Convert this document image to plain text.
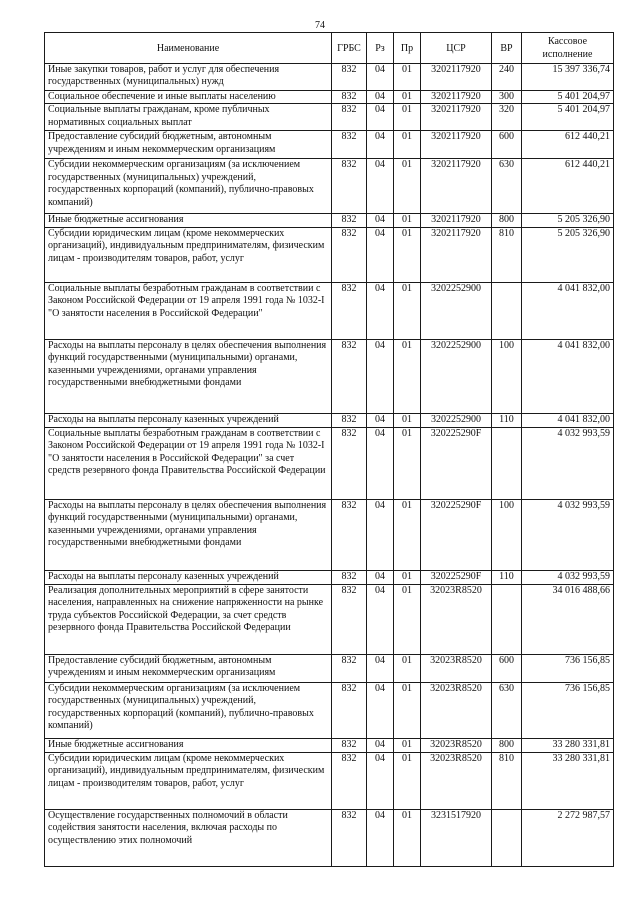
74
Наименование	ГРБС	Рз	Пр	ЦСР	ВР	Кассовое исполнение
Иные закупки товаров, работ и услуг для обеспечения государственных (муниципальных) нужд	832	04	01	3202117920	240	15 397 336,74
Социальное обеспечение и иные выплаты населению	832	04	01	3202117920	300	5 401 204,97
Социальные выплаты гражданам, кроме публичных нормативных социальных выплат	832	04	01	3202117920	320	5 401 204,97
Предоставление субсидий бюджетным, автономным учреждениям и иным некоммерческим организациям	832	04	01	3202117920	600	612 440,21
Субсидии некоммерческим организациям (за исключением государственных (муниципальных) учреждений, государственных корпораций (компаний), публично-правовых компаний)	832	04	01	3202117920	630	612 440,21
Иные бюджетные ассигнования	832	04	01	3202117920	800	5 205 326,90
Субсидии юридическим лицам (кроме некоммерческих организаций), индивидуальным предпринимателям, физическим лицам - производителям товаров, работ, услуг	832	04	01	3202117920	810	5 205 326,90
Социальные выплаты безработным гражданам в соответствии с Законом Российской Федерации от 19 апреля 1991 года № 1032-I "О занятости населения в Российской Федерации"	832	04	01	3202252900		4 041 832,00
Расходы на выплаты персоналу в целях обеспечения выполнения функций государственными (муниципальными) органами, казенными учреждениями, органами управления государственными внебюджетными фондами	832	04	01	3202252900	100	4 041 832,00
Расходы на выплаты персоналу казенных учреждений	832	04	01	3202252900	110	4 041 832,00
Социальные выплаты безработным гражданам в соответствии с Законом Российской Федерации от 19 апреля 1991 года № 1032-I "О занятости населения в Российской Федерации" за счет средств резервного фонда Правительства Российской Федерации	832	04	01	320225290F		4 032 993,59
Расходы на выплаты персоналу в целях обеспечения выполнения функций государственными (муниципальными) органами, казенными учреждениями, органами управления государственными внебюджетными фондами	832	04	01	320225290F	100	4 032 993,59
Расходы на выплаты персоналу казенных учреждений	832	04	01	320225290F	110	4 032 993,59
Реализация дополнительных мероприятий в сфере занятости населения, направленных на снижение напряженности на рынке труда субъектов Российской Федерации, за счет средств резервного фонда Правительства Российской Федерации	832	04	01	32023R8520		34 016 488,66
Предоставление субсидий бюджетным, автономным учреждениям и иным некоммерческим организациям	832	04	01	32023R8520	600	736 156,85
Субсидии некоммерческим организациям (за исключением государственных (муниципальных) учреждений, государственных корпораций (компаний), публично-правовых компаний)	832	04	01	32023R8520	630	736 156,85
Иные бюджетные ассигнования	832	04	01	32023R8520	800	33 280 331,81
Субсидии юридическим лицам (кроме некоммерческих организаций), индивидуальным предпринимателям, физическим лицам - производителям товаров, работ, услуг	832	04	01	32023R8520	810	33 280 331,81
Осуществление государственных полномочий в области содействия занятости населения, включая расходы по осуществлению этих полномочий	832	04	01	3231517920		2 272 987,57
